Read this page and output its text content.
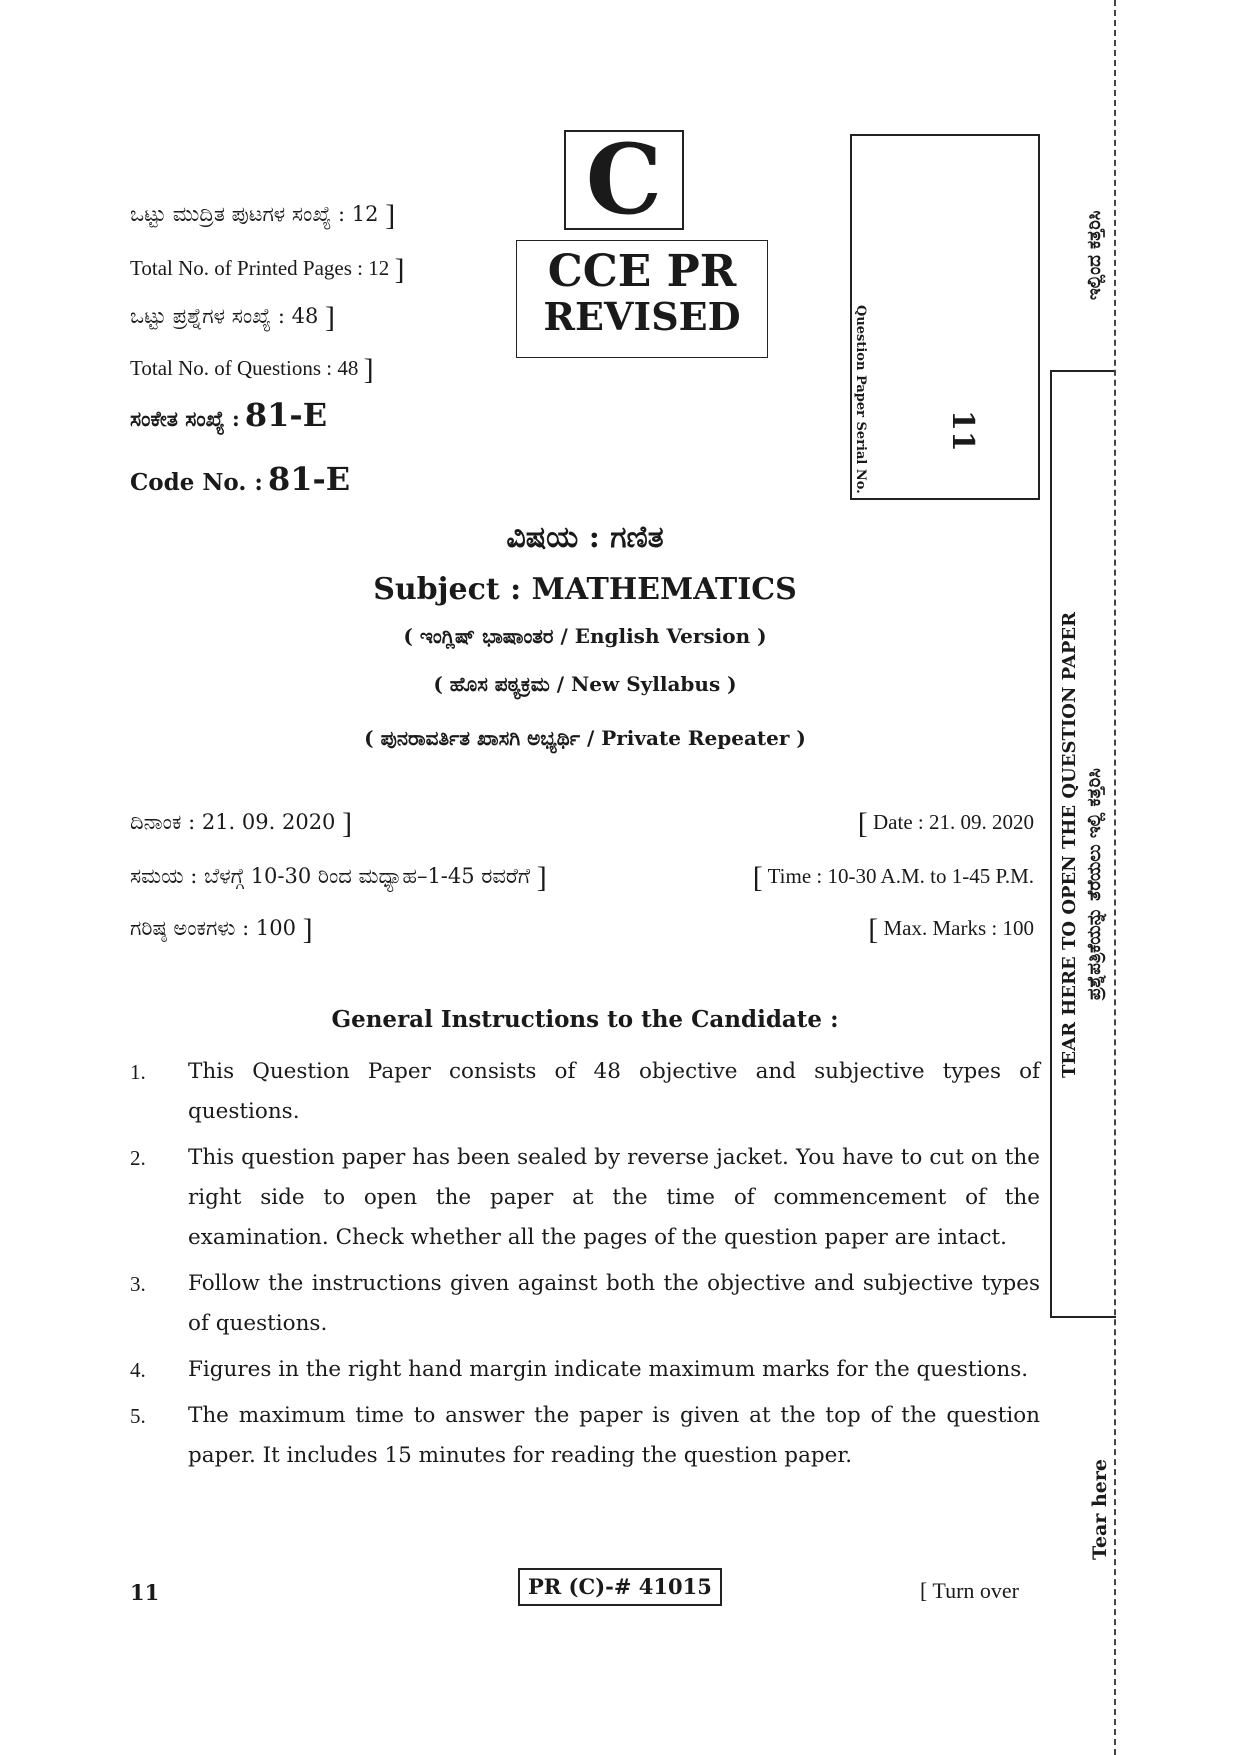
ಒಟ್ಟು ಮುದ್ರಿತ ಪುಟಗಳ ಸಂಖ್ಯೆ : 12 ]
Total No. of Printed Pages : 12 ]
ಒಟ್ಟು ಪ್ರಶ್ನೆಗಳ ಸಂಖ್ಯೆ : 48 ]
Total No. of Questions : 48 ]
ಸಂಕೇತ ಸಂಖ್ಯೆ : 81-E
Code No. : 81-E
C
CCE PR
REVISED	Question Paper Serial No.	11
ಇಲ್ಲಿಂದ ಕತ್ತರಿಸಿ
TEAR HERE TO OPEN THE QUESTION PAPER ಪ್ರಶ್ನೆಪತ್ರಿಕೆಯನ್ನು ತೆರೆಯಲು ಇಲ್ಲಿ ಕತ್ತರಿಸಿ
Tear here
ವಿಷಯ : ಗಣಿತ
Subject : MATHEMATICS
( ಇಂಗ್ಲಿಷ್ ಭಾಷಾಂತರ / English Version )
( ಹೊಸ ಪಠ್ಯಕ್ರಮ / New Syllabus )
( ಪುನರಾವರ್ತಿತ ಖಾಸಗಿ ಅಭ್ಯರ್ಥಿ / Private Repeater )
ದಿನಾಂಕ : 21. 09. 2020 ]	[ Date : 21. 09. 2020
ಸಮಯ : ಬೆಳಗ್ಗೆ 10-30 ರಿಂದ ಮಧ್ಯಾಹ–1-45 ರವರೆಗೆ ]	[ Time : 10-30 A.M. to 1-45 P.M.
ಗರಿಷ್ಠ ಅಂಕಗಳು : 100 ]	[ Max. Marks : 100
General Instructions to the Candidate :
1.	This Question Paper consists of 48 objective and subjective types of questions.
2.	This question paper has been sealed by reverse jacket. You have to cut on the right side to open the paper at the time of commencement of the examination. Check whether all the pages of the question paper are intact.
3.	Follow the instructions given against both the objective and subjective types of questions.
4.	Figures in the right hand margin indicate maximum marks for the questions.
5.	The maximum time to answer the paper is given at the top of the question paper. It includes 15 minutes for reading the question paper.
11	PR (C)-# 41015	[ Turn over
